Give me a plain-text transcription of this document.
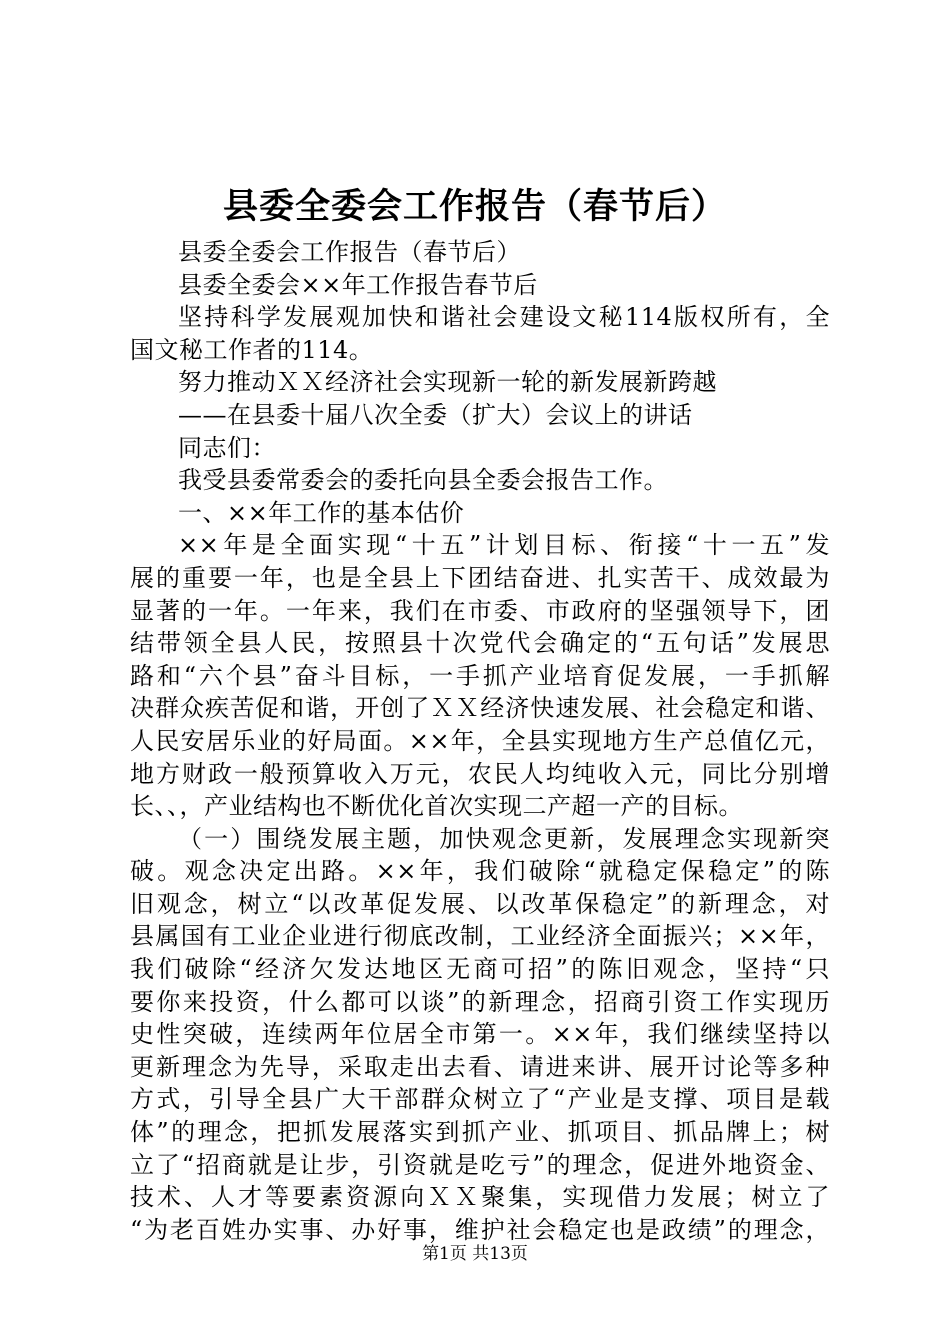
县委全委会工作报告（春节后）
县委全委会工作报告（春节后）
县委全委会××年工作报告春节后
坚持科学发展观加快和谐社会建设文秘114版权所有，全
国文秘工作者的114。
努力推动ＸＸ经济社会实现新一轮的新发展新跨越
——在县委十届八次全委（扩大）会议上的讲话
同志们：
我受县委常委会的委托向县全委会报告工作。
一、××年工作的基本估价
××年是全面实现“十五”计划目标、衔接“十一五”发
展的重要一年，也是全县上下团结奋进、扎实苦干、成效最为
显著的一年。一年来，我们在市委、市政府的坚强领导下，团
结带领全县人民，按照县十次党代会确定的“五句话”发展思
路和“六个县”奋斗目标，一手抓产业培育促发展，一手抓解
决群众疾苦促和谐，开创了ＸＸ经济快速发展、社会稳定和谐、
人民安居乐业的好局面。××年，全县实现地方生产总值亿元，
地方财政一般预算收入万元，农民人均纯收入元，同比分别增
长、、，产业结构也不断优化首次实现二产超一产的目标。
（一）围绕发展主题，加快观念更新，发展理念实现新突
破。观念决定出路。××年，我们破除“就稳定保稳定”的陈
旧观念，树立“以改革促发展、以改革保稳定”的新理念，对
县属国有工业企业进行彻底改制，工业经济全面振兴；××年，
我们破除“经济欠发达地区无商可招”的陈旧观念，坚持“只
要你来投资，什么都可以谈”的新理念，招商引资工作实现历
史性突破，连续两年位居全市第一。××年，我们继续坚持以
更新理念为先导，采取走出去看、请进来讲、展开讨论等多种
方式，引导全县广大干部群众树立了“产业是支撑、项目是载
体”的理念，把抓发展落实到抓产业、抓项目、抓品牌上；树
立了“招商就是让步，引资就是吃亏”的理念，促进外地资金、
技术、人才等要素资源向ＸＸ聚集，实现借力发展；树立了
“为老百姓办实事、办好事，维护社会稳定也是政绩”的理念，
第1页 共13页
